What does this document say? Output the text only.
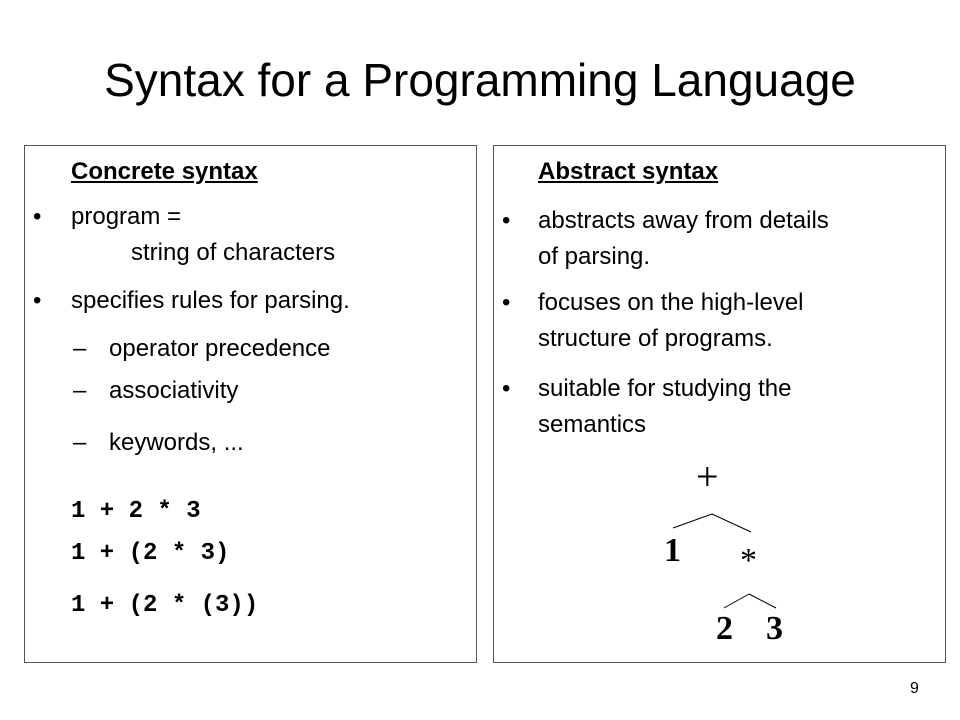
Syntax for a Programming Language
Concrete syntax
• program =
string of characters
• specifies rules for parsing.
– operator precedence
– associativity
– keywords, ...
1 + 2 * 3
1 + (2 * 3)
1 + (2 * (3))
Abstract syntax
• abstracts away from details
of parsing.
• focuses on the high-level
structure of programs.
• suitable for studying the
semantics
+
1 *
2 3
9
